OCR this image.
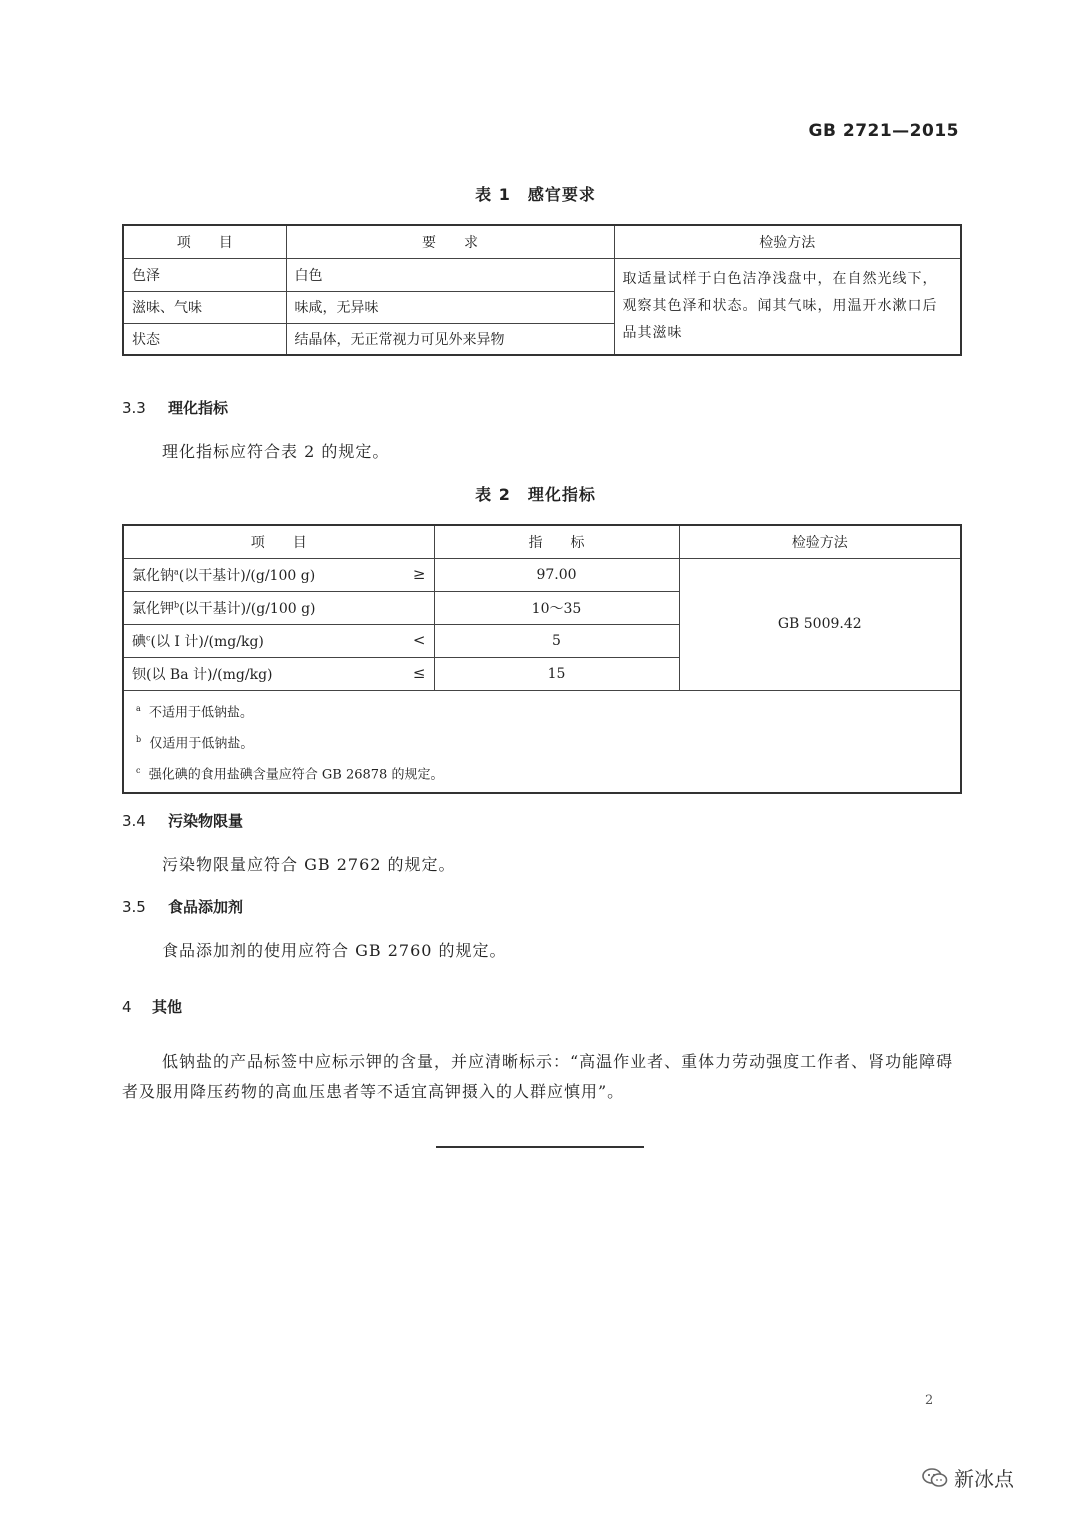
GB 2721—2015
表 1　感官要求
项　　目	要　　求	检验方法
色泽	白色	取适量试样于白色洁净浅盘中，在自然光线下，观察其色泽和状态。闻其气味，用温开水漱口后品其滋味
滋味、气味	味咸，无异味	
状态	结晶体，无正常视力可见外来异物	
3.3 理化指标
理化指标应符合表 2 的规定。
表 2　理化指标
项　　目	指　　标	检验方法
氯化钠$^a$(以干基计)/(g/100 g) ≥	97.00	GB 5009.42
氯化钾$^b$(以干基计)/(g/100 g)	10～35	
碘$^c$(以 I 计)/(mg/kg) <	5	
钡(以 Ba 计)/(mg/kg) ≤	15	

$^a$ 不适用于低钠盐。
$^b$ 仅适用于低钠盐。
$^c$ 强化碘的食用盐碘含量应符合 GB 26878 的规定。		
3.4 污染物限量
污染物限量应符合 GB 2762 的规定。
3.5 食品添加剂
食品添加剂的使用应符合 GB 2760 的规定。
4 其他
低钠盐的产品标签中应标示钾的含量，并应清晰标示：“高温作业者、重体力劳动强度工作者、肾功能障碍者及服用降压药物的高血压患者等不适宜高钾摄入的人群应慎用”。
2
新冰点
